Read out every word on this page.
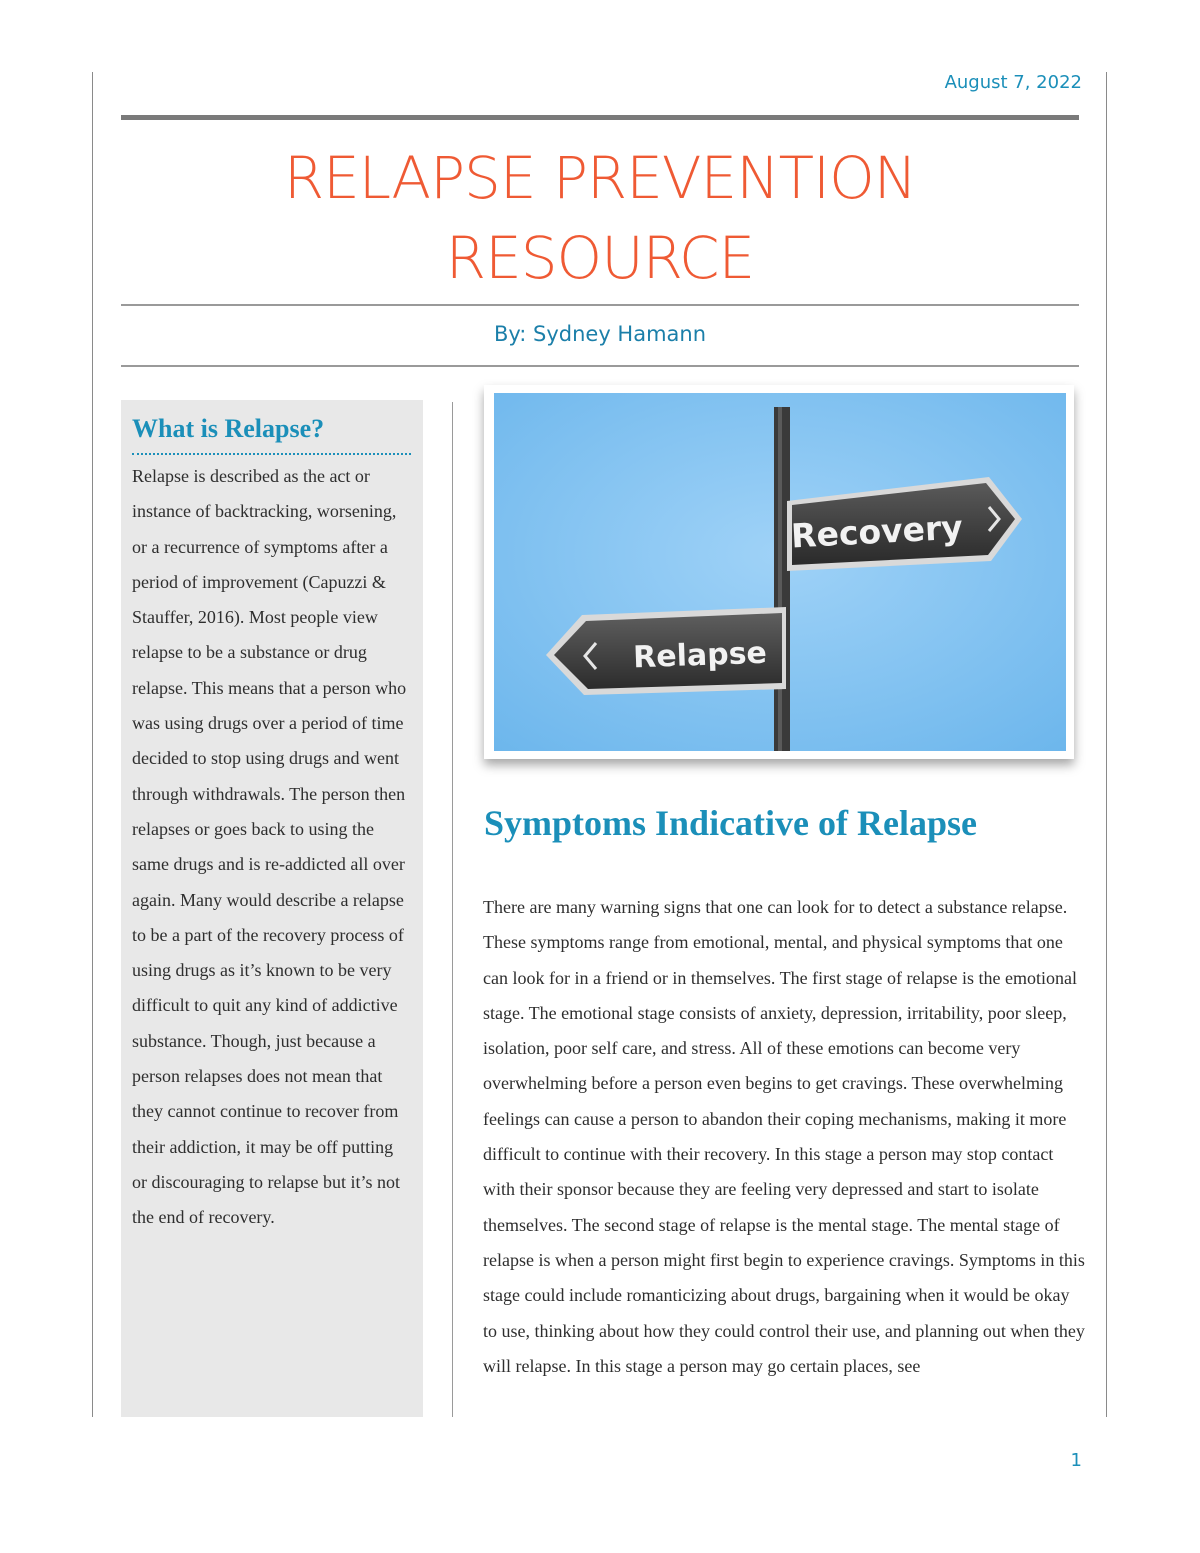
August 7, 2022
RELAPSE PREVENTION
RESOURCE
By: Sydney Hamann
What is Relapse?

Relapse is described as the act or instance of backtracking, worsening, or a recurrence of symptoms after a period of improvement (Capuzzi & Stauffer, 2016). Most people view relapse to be a substance or drug relapse. This means that a person who was using drugs over a period of time decided to stop using drugs and went through withdrawals. The person then relapses or goes back to using the same drugs and is re-addicted all over again. Many would describe a relapse to be a part of the recovery process of using drugs as it’s known to be very difficult to quit any kind of addictive substance. Though, just because a person relapses does not mean that they cannot continue to recover from their addiction, it may be off putting or discouraging to relapse but it’s not the end of recovery.

Recovery
Relapse
Symptoms Indicative of Relapse

There are many warning signs that one can look for to detect a substance relapse. These symptoms range from emotional, mental, and physical symptoms that one can look for in a friend or in themselves. The first stage of relapse is the emotional stage. The emotional stage consists of anxiety, depression, irritability, poor sleep, isolation, poor self care, and stress. All of these emotions can become very overwhelming before a person even begins to get cravings. These overwhelming feelings can cause a person to abandon their coping mechanisms, making it more difficult to continue with their recovery. In this stage a person may stop contact with their sponsor because they are feeling very depressed and start to isolate themselves. The second stage of relapse is the mental stage. The mental stage of relapse is when a person might first begin to experience cravings. Symptoms in this stage could include romanticizing about drugs, bargaining when it would be okay to use, thinking about how they could control their use, and planning out when they will relapse. In this stage a person may go certain places, see

1
